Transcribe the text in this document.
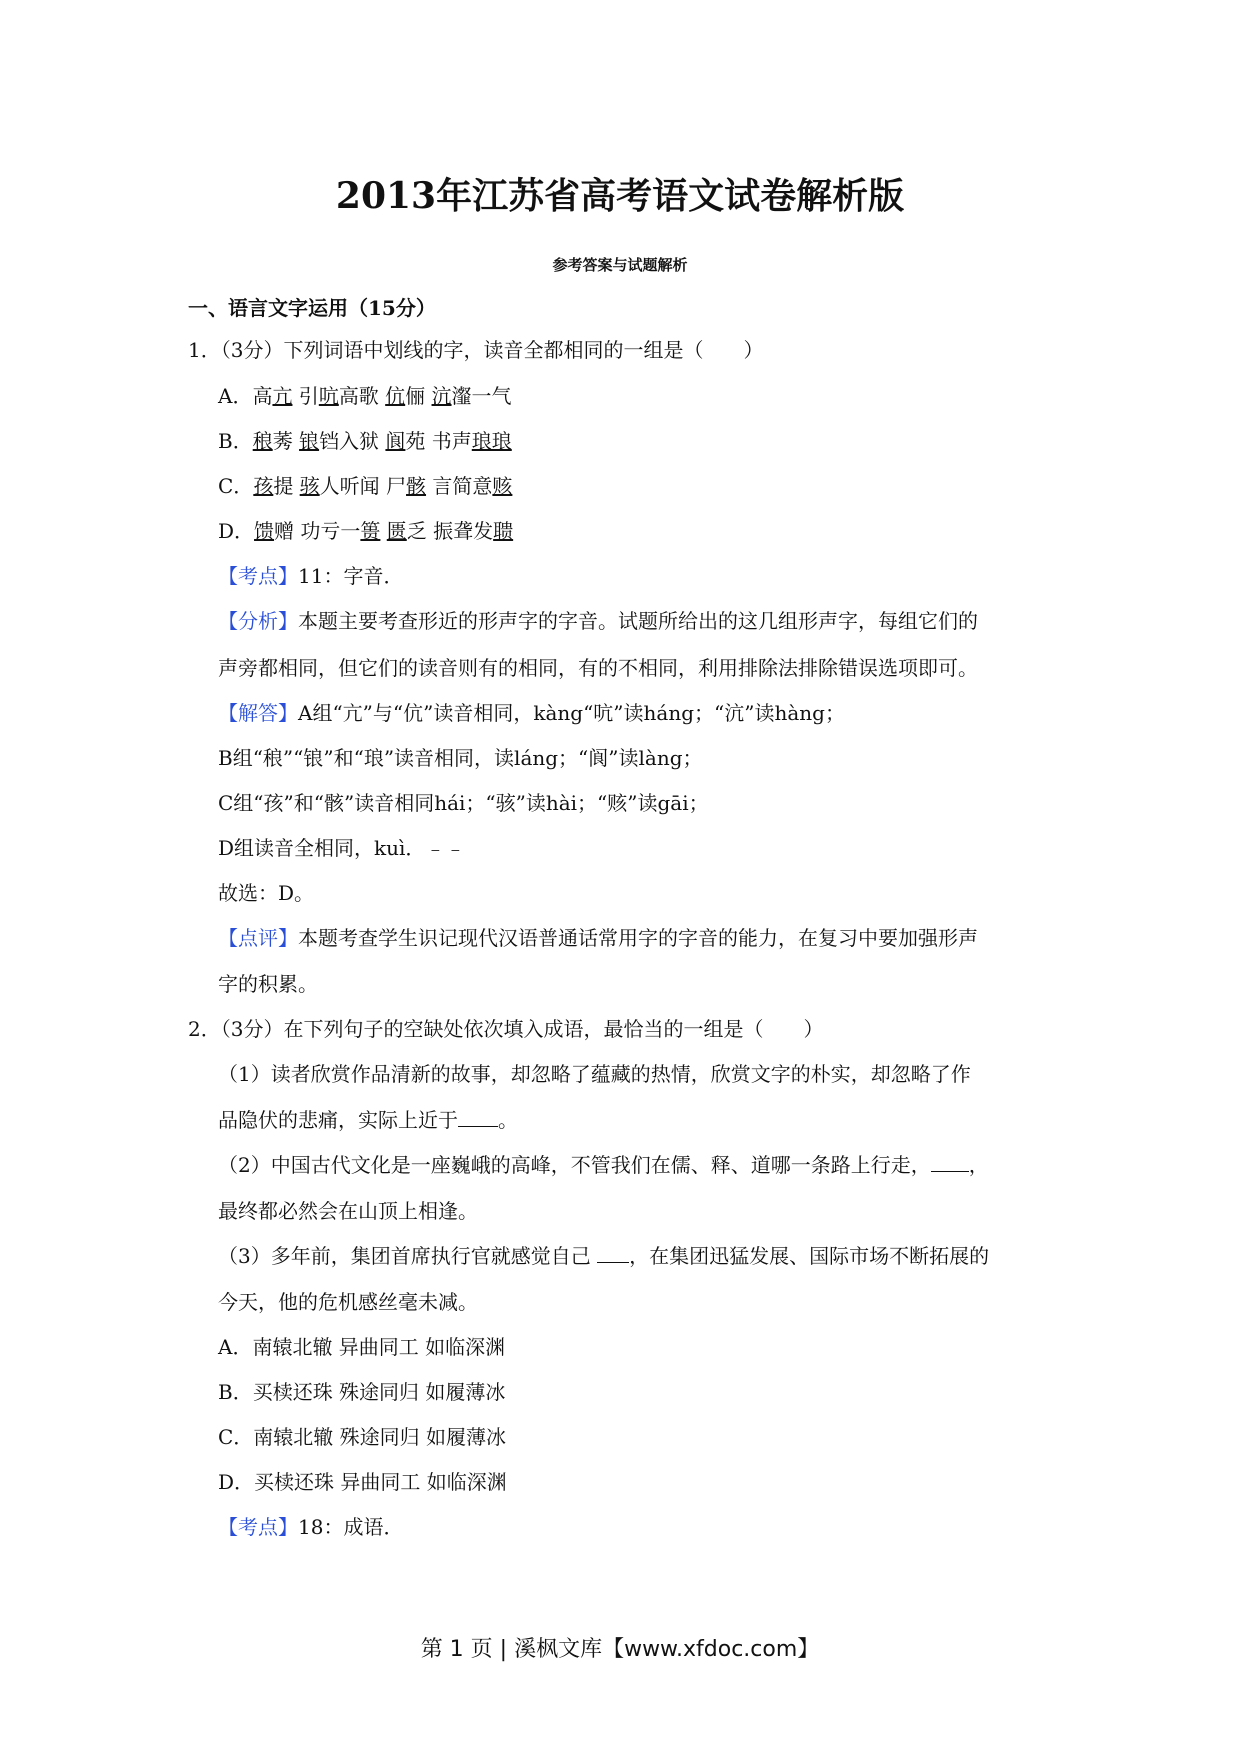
2013年江苏省高考语文试卷解析版
参考答案与试题解析
一、语言文字运用（15分）
1．（3分）下列词语中划线的字，读音全都相同的一组是（　　）
A．高亢 引吭高歌 伉俪 沆瀣一气
B．稂莠 锒铛入狱 阆苑 书声琅琅
C．孩提 骇人听闻 尸骸 言简意赅
D．馈赠 功亏一篑 匮乏 振聋发聩
【考点】11：字音．
【分析】本题主要考查形近的形声字的字音。试题所给出的这几组形声字，每组它们的
声旁都相同，但它们的读音则有的相同，有的不相同，利用排除法排除错误选项即可。
【解答】A组“亢”与“伉”读音相同，kàng“吭”读háng；“沆”读hàng；
B组“稂”“锒”和“琅”读音相同，读láng；“阆”读làng；
C组“孩”和“骸”读音相同hái；“骇”读hài；“赅”读gāi；
D组读音全相同，kuì．﹣﹣
故选：D。
【点评】本题考查学生识记现代汉语普通话常用字的字音的能力，在复习中要加强形声
字的积累。
2．（3分）在下列句子的空缺处依次填入成语，最恰当的一组是（　　）
（1）读者欣赏作品清新的故事，却忽略了蕴藏的热情，欣赏文字的朴实，却忽略了作
品隐伏的悲痛，实际上近于 。
（2）中国古代文化是一座巍峨的高峰，不管我们在儒、释、道哪一条路上行走， ，
最终都必然会在山顶上相逢。
（3）多年前，集团首席执行官就感觉自己 ，在集团迅猛发展、国际市场不断拓展的
今天，他的危机感丝毫未减。
A．南辕北辙 异曲同工 如临深渊
B．买椟还珠 殊途同归 如履薄冰
C．南辕北辙 殊途同归 如履薄冰
D．买椟还珠 异曲同工 如临深渊
【考点】18：成语．
第 1 页 | 溪枫文库【www.xfdoc.com】
